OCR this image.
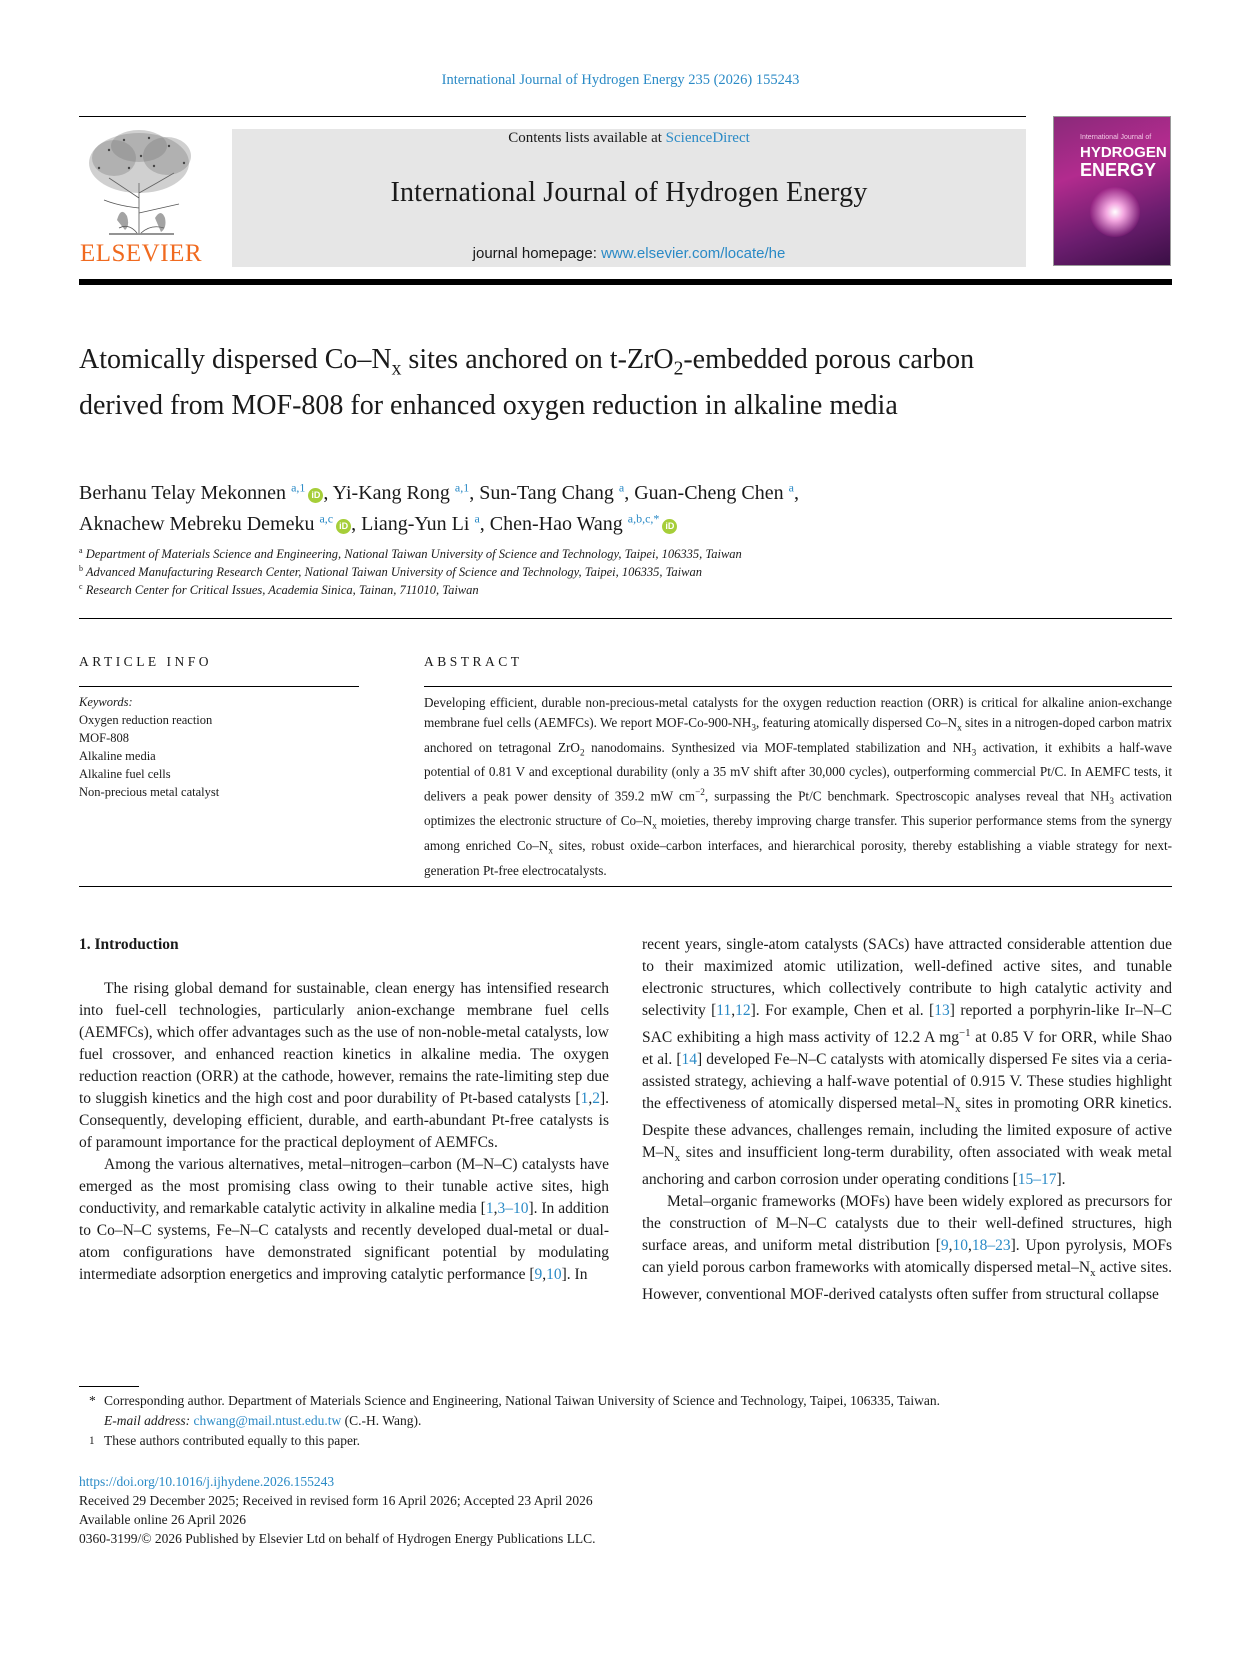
International Journal of Hydrogen Energy 235 (2026) 155243
ELSEVIER
Contents lists available at ScienceDirect
International Journal of Hydrogen Energy
journal homepage: www.elsevier.com/locate/he
International Journal of
HYDROGEN
ENERGY
Atomically dispersed $Co-N_x$ sites anchored on t-ZrO$_2$-embedded porous carbon derived from MOF-808 for enhanced oxygen reduction in alkaline media
Berhanu Telay Mekonnen $^{a,1}$iD , Yi-Kang Rong $^{a,1}$, Sun-Tang Chang $^a$, Guan-Cheng Chen $^a$,
Aknachew Mebreku Demeku $^{a,c}$iD , Liang-Yun Li $^a$, Chen-Hao Wang $^{a,b,c,*}$iD
$^a$ Department of Materials Science and Engineering, National Taiwan University of Science and Technology, Taipei, 106335, Taiwan
$^b$ Advanced Manufacturing Research Center, National Taiwan University of Science and Technology, Taipei, 106335, Taiwan
$^c$ Research Center for Critical Issues, Academia Sinica, Tainan, 711010, Taiwan
ARTICLE INFO
Keywords:
Oxygen reduction reaction
MOF-808
Alkaline media
Alkaline fuel cells
Non-precious metal catalyst
ABSTRACT
Developing efficient, durable non-precious-metal catalysts for the oxygen reduction reaction (ORR) is critical for alkaline anion-exchange membrane fuel cells (AEMFCs). We report MOF-$Co-900-NH_3$, featuring atomically dispersed $Co-N_x$ sites in a nitrogen-doped carbon matrix anchored on tetragonal ZrO$_2$ nanodomains. Synthesized via MOF-templated stabilization and $NH_3$ activation, it exhibits a half-wave potential of 0.81 V and exceptional durability (only a 35 mV shift after 30,000 cycles), outperforming commercial Pt/C. In AEMFC tests, it delivers a peak power density of 359.2 mW $cm^{-2}$, surpassing the Pt/C benchmark. Spectroscopic analyses reveal that $NH_3$ activation optimizes the electronic structure of $Co-N_x$ moieties, thereby improving charge transfer. This superior performance stems from the synergy among enriched $Co-N_x$ sites, robust oxide–carbon interfaces, and hierarchical porosity, thereby establishing a viable strategy for next-generation Pt-free electrocatalysts.
1. Introduction

The rising global demand for sustainable, clean energy has intensified research into fuel-cell technologies, particularly anion-exchange membrane fuel cells (AEMFCs), which offer advantages such as the use of non-noble-metal catalysts, low fuel crossover, and enhanced reaction kinetics in alkaline media. The oxygen reduction reaction (ORR) at the cathode, however, remains the rate-limiting step due to sluggish kinetics and the high cost and poor durability of Pt-based catalysts [1,2]. Consequently, developing efficient, durable, and earth-abundant Pt-free catalysts is of paramount importance for the practical deployment of AEMFCs.

Among the various alternatives, metal–nitrogen–carbon (M–N–C) catalysts have emerged as the most promising class owing to their tunable active sites, high conductivity, and remarkable catalytic activity in alkaline media [1,3–10]. In addition to Co–N–C systems, Fe–N–C catalysts and recently developed dual-metal or dual-atom configurations have demonstrated significant potential by modulating intermediate adsorption energetics and improving catalytic performance [9,10]. In

recent years, single-atom catalysts (SACs) have attracted considerable attention due to their maximized atomic utilization, well-defined active sites, and tunable electronic structures, which collectively contribute to high catalytic activity and selectivity [11,12]. For example, Chen et al. [13] reported a porphyrin-like Ir–N–C SAC exhibiting a high mass activity of 12.2 A $mg^{-1}$ at 0.85 V for ORR, while Shao et al. [14] developed Fe–N–C catalysts with atomically dispersed Fe sites via a ceria-assisted strategy, achieving a half-wave potential of 0.915 V. These studies highlight the effectiveness of atomically dispersed metal–$N_x$ sites in promoting ORR kinetics. Despite these advances, challenges remain, including the limited exposure of active $M-N_x$ sites and insufficient long-term durability, often associated with weak metal anchoring and carbon corrosion under operating conditions [15–17].

Metal–organic frameworks (MOFs) have been widely explored as precursors for the construction of M–N–C catalysts due to their well-defined structures, high surface areas, and uniform metal distribution [9,10,18–23]. Upon pyrolysis, MOFs can yield porous carbon frameworks with atomically dispersed metal–$N_x$ active sites. However, conventional MOF-derived catalysts often suffer from structural collapse

* Corresponding author. Department of Materials Science and Engineering, National Taiwan University of Science and Technology, Taipei, 106335, Taiwan.
E-mail address: chwang@mail.ntust.edu.tw (C.-H. Wang).
1 These authors contributed equally to this paper.
https://doi.org/10.1016/j.ijhydene.2026.155243
Received 29 December 2025; Received in revised form 16 April 2026; Accepted 23 April 2026
Available online 26 April 2026
0360-3199/© 2026 Published by Elsevier Ltd on behalf of Hydrogen Energy Publications LLC.
